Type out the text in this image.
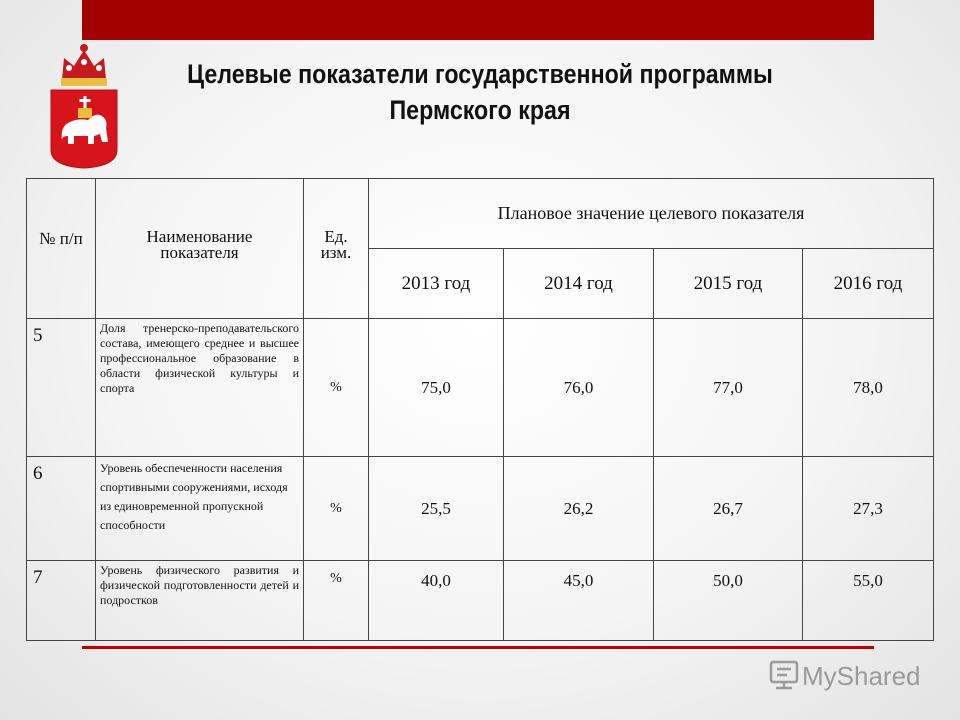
Целевые показатели государственной программы
Пермского края
№ п/п	Наименование показателя	Ед. изм.	Плановое значение целевого показателя			
			2013 год	2014 год	2015 год	2016 год
5	Доля тренерско-преподавательского состава, имеющего среднее и высшее профессиональное образование в области физической культуры и спорта	%	75,0	76,0	77,0	78,0
6	Уровень обеспеченности населения спортивными сооружениями, исходя из единовременной пропускной способности	%	25,5	26,2	26,7	27,3
7	Уровень физического развития и физической подготовленности детей и подростков	%	40,0	45,0	50,0	55,0
MyShared
